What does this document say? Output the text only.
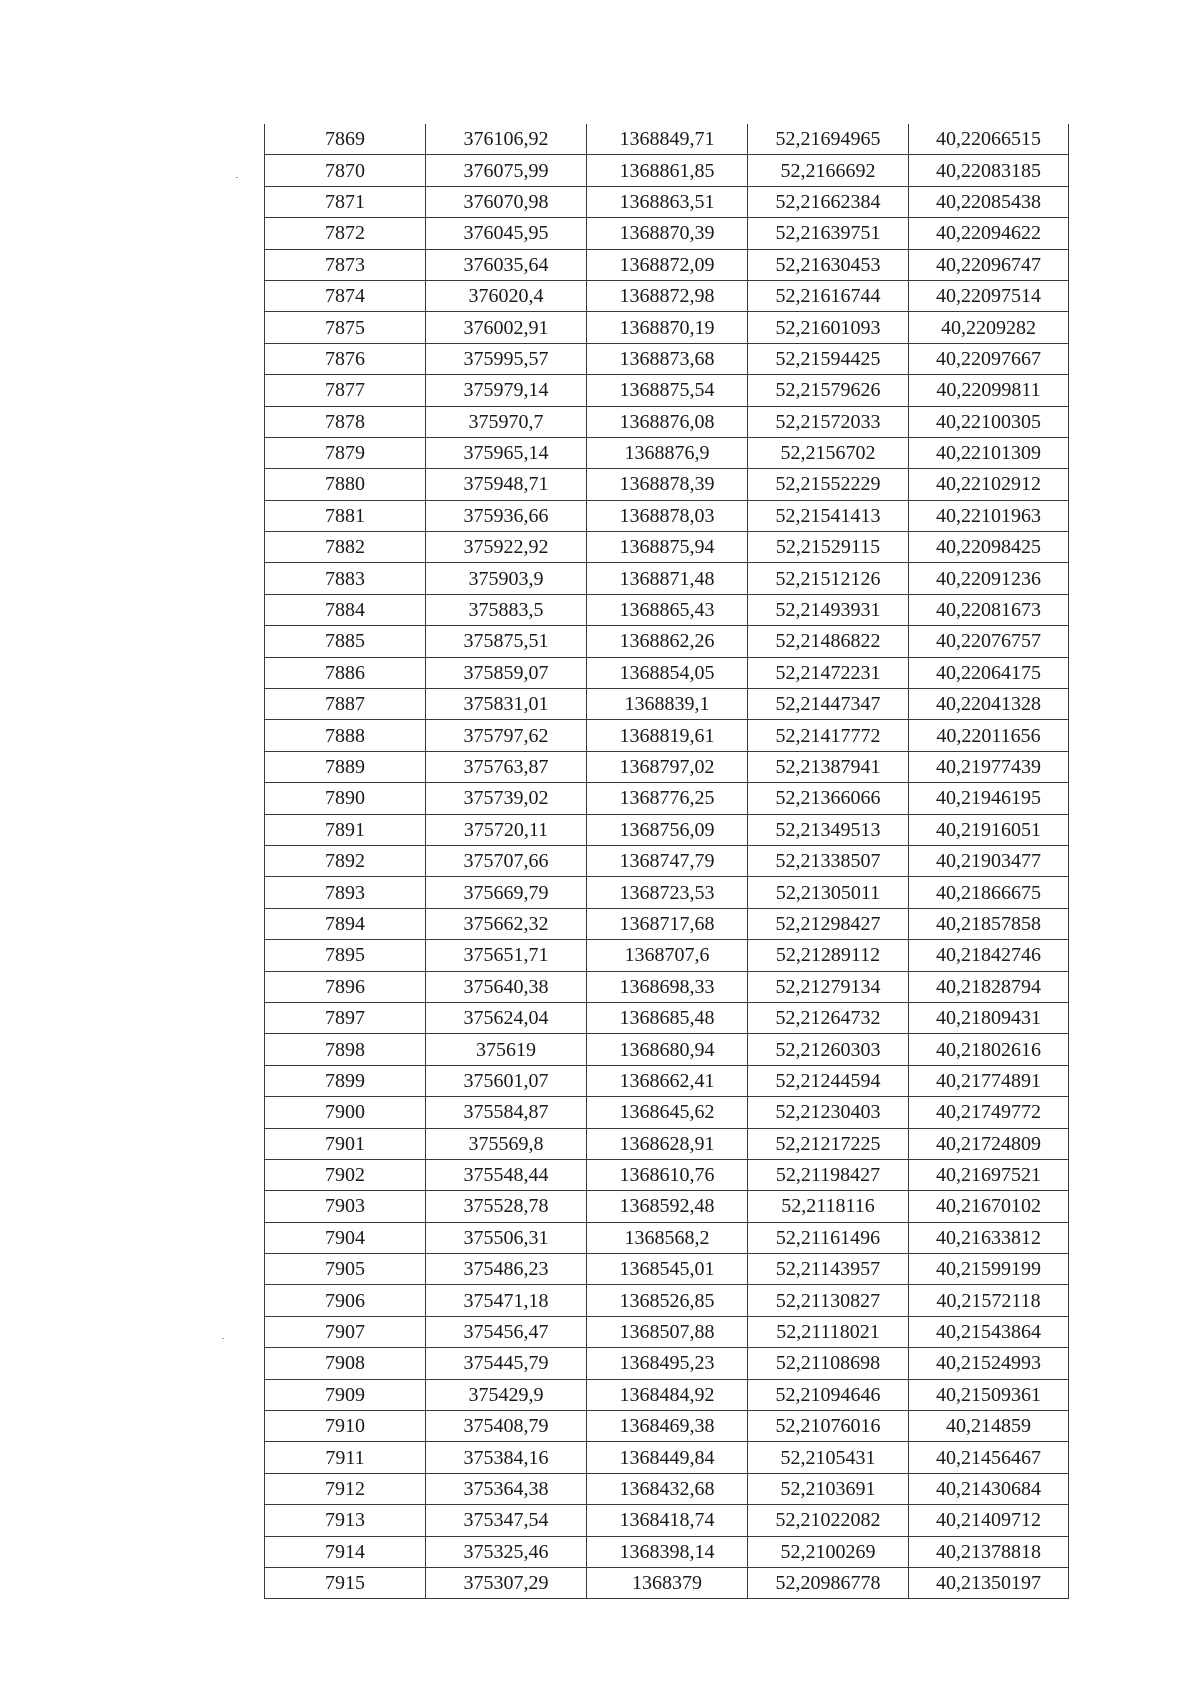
7869	376106,92	1368849,71	52,21694965	40,22066515
7870	376075,99	1368861,85	52,2166692	40,22083185
7871	376070,98	1368863,51	52,21662384	40,22085438
7872	376045,95	1368870,39	52,21639751	40,22094622
7873	376035,64	1368872,09	52,21630453	40,22096747
7874	376020,4	1368872,98	52,21616744	40,22097514
7875	376002,91	1368870,19	52,21601093	40,2209282
7876	375995,57	1368873,68	52,21594425	40,22097667
7877	375979,14	1368875,54	52,21579626	40,22099811
7878	375970,7	1368876,08	52,21572033	40,22100305
7879	375965,14	1368876,9	52,2156702	40,22101309
7880	375948,71	1368878,39	52,21552229	40,22102912
7881	375936,66	1368878,03	52,21541413	40,22101963
7882	375922,92	1368875,94	52,21529115	40,22098425
7883	375903,9	1368871,48	52,21512126	40,22091236
7884	375883,5	1368865,43	52,21493931	40,22081673
7885	375875,51	1368862,26	52,21486822	40,22076757
7886	375859,07	1368854,05	52,21472231	40,22064175
7887	375831,01	1368839,1	52,21447347	40,22041328
7888	375797,62	1368819,61	52,21417772	40,22011656
7889	375763,87	1368797,02	52,21387941	40,21977439
7890	375739,02	1368776,25	52,21366066	40,21946195
7891	375720,11	1368756,09	52,21349513	40,21916051
7892	375707,66	1368747,79	52,21338507	40,21903477
7893	375669,79	1368723,53	52,21305011	40,21866675
7894	375662,32	1368717,68	52,21298427	40,21857858
7895	375651,71	1368707,6	52,21289112	40,21842746
7896	375640,38	1368698,33	52,21279134	40,21828794
7897	375624,04	1368685,48	52,21264732	40,21809431
7898	375619	1368680,94	52,21260303	40,21802616
7899	375601,07	1368662,41	52,21244594	40,21774891
7900	375584,87	1368645,62	52,21230403	40,21749772
7901	375569,8	1368628,91	52,21217225	40,21724809
7902	375548,44	1368610,76	52,21198427	40,21697521
7903	375528,78	1368592,48	52,2118116	40,21670102
7904	375506,31	1368568,2	52,21161496	40,21633812
7905	375486,23	1368545,01	52,21143957	40,21599199
7906	375471,18	1368526,85	52,21130827	40,21572118
7907	375456,47	1368507,88	52,21118021	40,21543864
7908	375445,79	1368495,23	52,21108698	40,21524993
7909	375429,9	1368484,92	52,21094646	40,21509361
7910	375408,79	1368469,38	52,21076016	40,214859
7911	375384,16	1368449,84	52,2105431	40,21456467
7912	375364,38	1368432,68	52,2103691	40,21430684
7913	375347,54	1368418,74	52,21022082	40,21409712
7914	375325,46	1368398,14	52,2100269	40,21378818
7915	375307,29	1368379	52,20986778	40,21350197
